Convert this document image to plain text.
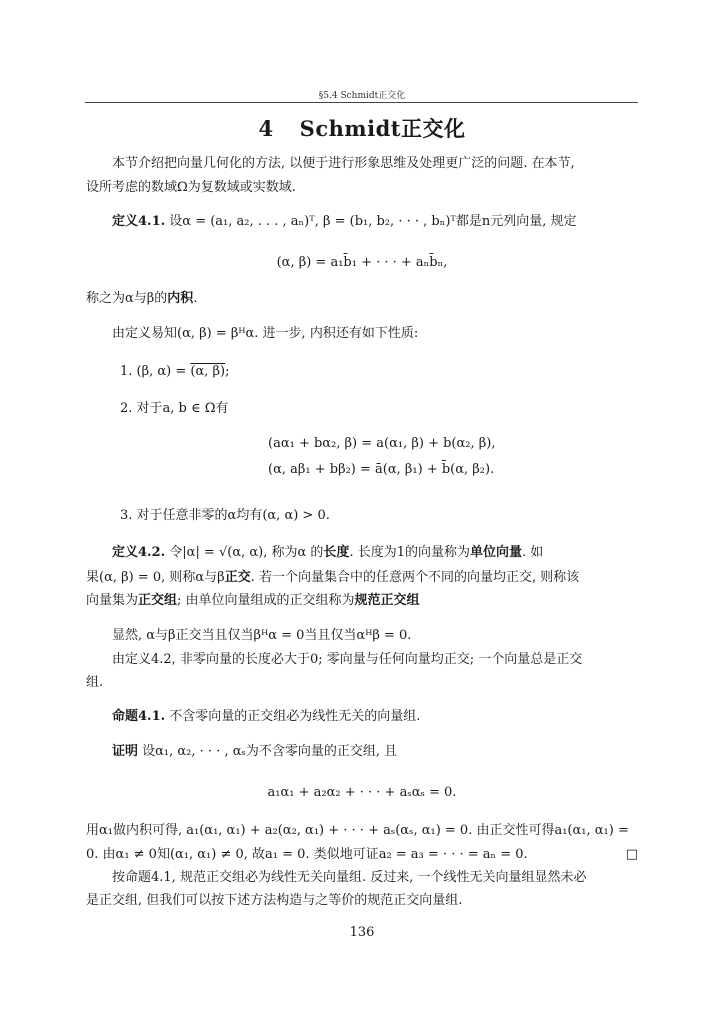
§5.4 Schmidt正交化
4 Schmidt正交化
本节介绍把向量几何化的方法, 以便于进行形象思维及处理更广泛的问题. 在本节,
设所考虑的数域Ω为复数域或实数域.
定义4.1. 设α = (a₁, a₂, . . . , aₙ)ᵀ, β = (b₁, b₂, · · · , bₙ)ᵀ都是n元列向量, 规定
(α, β) = a₁b̄₁ + · · · + aₙb̄ₙ,
称之为α与β的内积.
由定义易知(α, β) = βᴴα. 进一步, 内积还有如下性质:
1. (β, α) = (α, β);
2. 对于a, b ∈ Ω有
(aα₁ + bα₂, β) = a(α₁, β) + b(α₂, β),
(α, aβ₁ + bβ₂) = ā(α, β₁) + b̄(α, β₂).
3. 对于任意非零的α均有(α, α) > 0.
定义4.2. 令|α| = √(α, α), 称为α 的长度. 长度为1的向量称为单位向量. 如
果(α, β) = 0, 则称α与β正交. 若一个向量集合中的任意两个不同的向量均正交, 则称该
向量集为正交组; 由单位向量组成的正交组称为规范正交组
显然, α与β正交当且仅当βᴴα = 0当且仅当αᴴβ = 0.
由定义4.2, 非零向量的长度必大于0; 零向量与任何向量均正交; 一个向量总是正交
组.
命题4.1. 不含零向量的正交组必为线性无关的向量组.
证明 设α₁, α₂, · · · , αₛ为不含零向量的正交组, 且
a₁α₁ + a₂α₂ + · · · + aₛαₛ = 0.
用α₁做内积可得, a₁(α₁, α₁) + a₂(α₂, α₁) + · · · + aₛ(αₛ, α₁) = 0. 由正交性可得a₁(α₁, α₁) =
0. 由α₁ ≠ 0知(α₁, α₁) ≠ 0, 故a₁ = 0. 类似地可证a₂ = a₃ = · · · = aₙ = 0.	□
按命题4.1, 规范正交组必为线性无关向量组. 反过来, 一个线性无关向量组显然未必
是正交组, 但我们可以按下述方法构造与之等价的规范正交向量组.
136
